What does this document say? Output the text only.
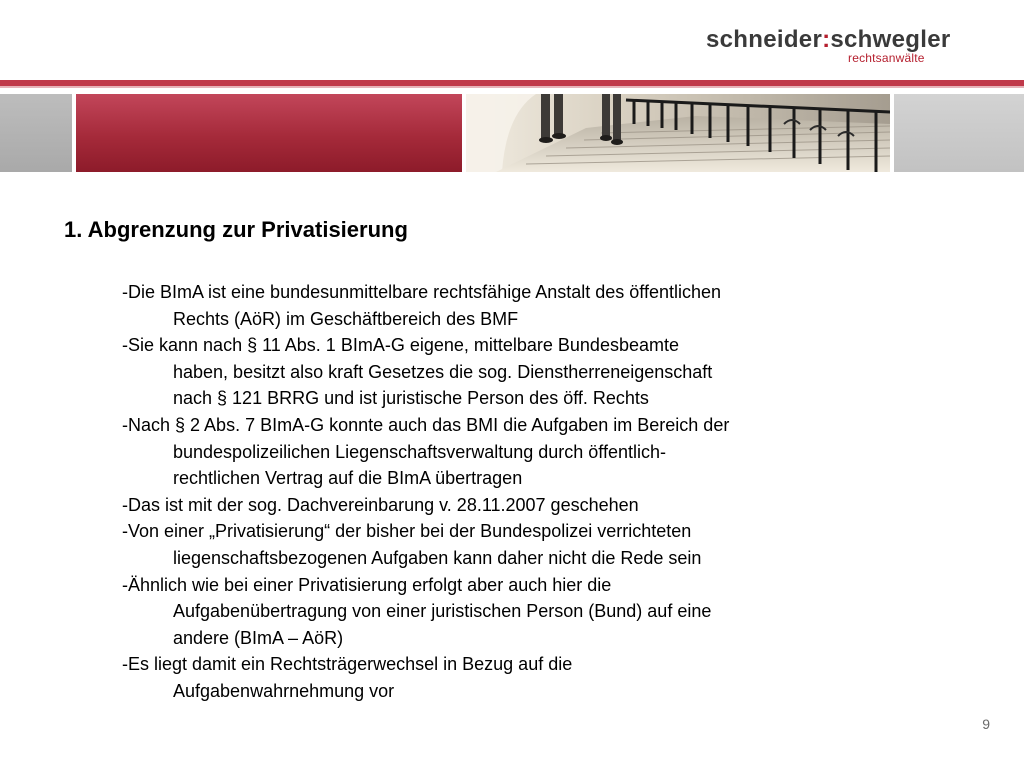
schneider:schwegler
rechtsanwälte
1. Abgrenzung zur Privatisierung
-Die BImA ist eine bundesunmittelbare rechtsfähige Anstalt des öffentlichen
Rechts (AöR) im Geschäftbereich des BMF
-Sie kann nach § 11 Abs. 1 BImA-G eigene, mittelbare Bundesbeamte
haben, besitzt also kraft Gesetzes die sog. Dienstherreneigenschaft
nach § 121 BRRG und ist juristische Person des öff. Rechts
-Nach § 2 Abs. 7 BImA-G konnte auch das BMI die Aufgaben im Bereich der
bundespolizeilichen Liegenschaftsverwaltung durch öffentlich-
rechtlichen Vertrag auf die BImA übertragen
-Das ist mit der sog. Dachvereinbarung v. 28.11.2007 geschehen
-Von einer „Privatisierung“ der bisher bei der Bundespolizei verrichteten
liegenschaftsbezogenen Aufgaben kann daher nicht die Rede sein
-Ähnlich wie bei einer Privatisierung erfolgt aber auch hier die
Aufgabenübertragung von einer juristischen Person (Bund) auf eine
andere (BImA – AöR)
-Es liegt damit ein Rechtsträgerwechsel in Bezug auf die
Aufgabenwahrnehmung vor
9
